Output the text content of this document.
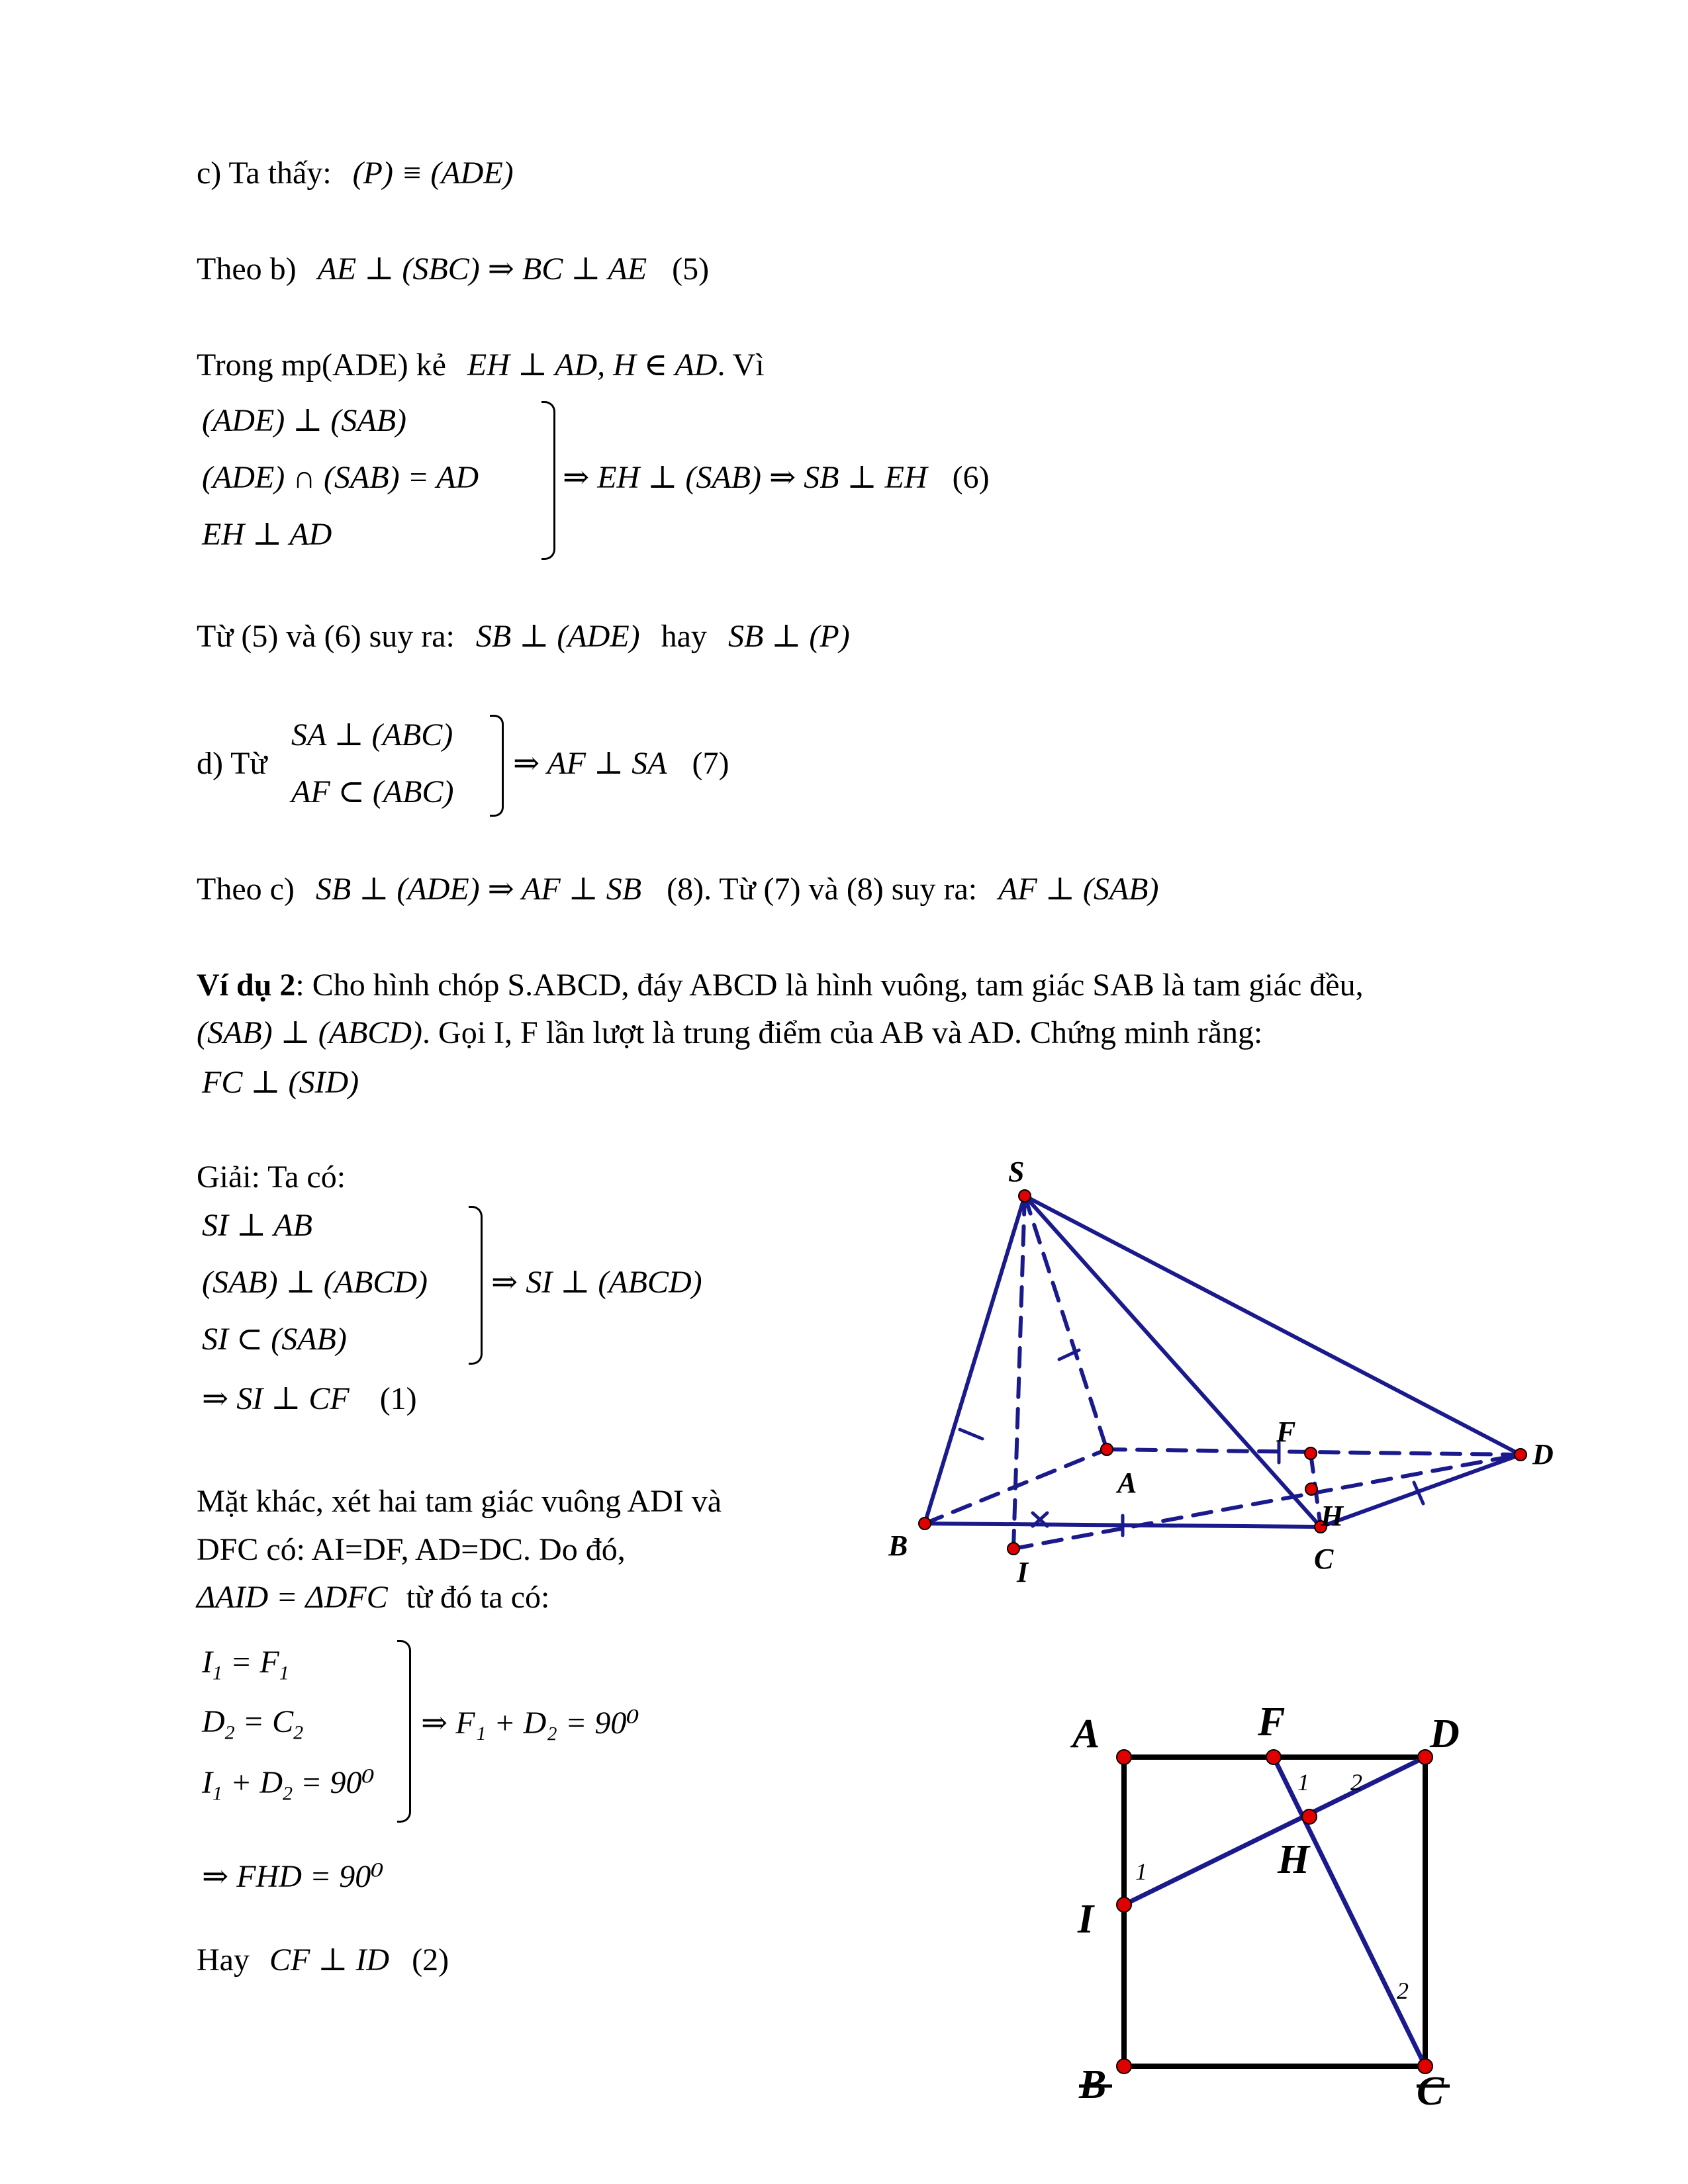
c) Ta thấy: (P) ≡ (ADE)
Theo b) AE ⊥ (SBC) ⇒ BC ⊥ AE (5)
Trong mp(ADE) kẻ EH ⊥ AD, H ∈ AD. Vì
(ADE) ⊥ (SAB)
(ADE) ∩ (SAB) = AD
EH ⊥ AD
⇒ EH ⊥ (SAB) ⇒ SB ⊥ EH (6)
Từ (5) và (6) suy ra: SB ⊥ (ADE) hay SB ⊥ (P)
d) Từ
SA ⊥ (ABC)
AF ⊂ (ABC)
⇒ AF ⊥ SA (7)
Theo c) SB ⊥ (ADE) ⇒ AF ⊥ SB (8). Từ (7) và (8) suy ra: AF ⊥ (SAB)
Ví dụ 2: Cho hình chóp S.ABCD, đáy ABCD là hình vuông, tam giác SAB là tam giác đều,
(SAB) ⊥ (ABCD). Gọi I, F lần lượt là trung điểm của AB và AD. Chứng minh rằng:
FC ⊥ (SID)
Giải: Ta có:
SI ⊥ AB
(SAB) ⊥ (ABCD)
SI ⊂ (SAB)
⇒ SI ⊥ (ABCD)
⇒ SI ⊥ CF (1)
Mặt khác, xét hai tam giác vuông ADI và
DFC có: AI=DF, AD=DC. Do đó,
ΔAID = ΔDFC từ đó ta có:
$I_1 = F_1$
$D_2 = C_2$
$I_1 + D_2 = 90^0$
⇒ F₁ + D₂ = 90⁰
⇒ FHD = 90⁰
Hay CF ⊥ ID (2)
S
A
B	C
D
F
H
I
A	F	D
H
I
B	C
1
1 2
2
